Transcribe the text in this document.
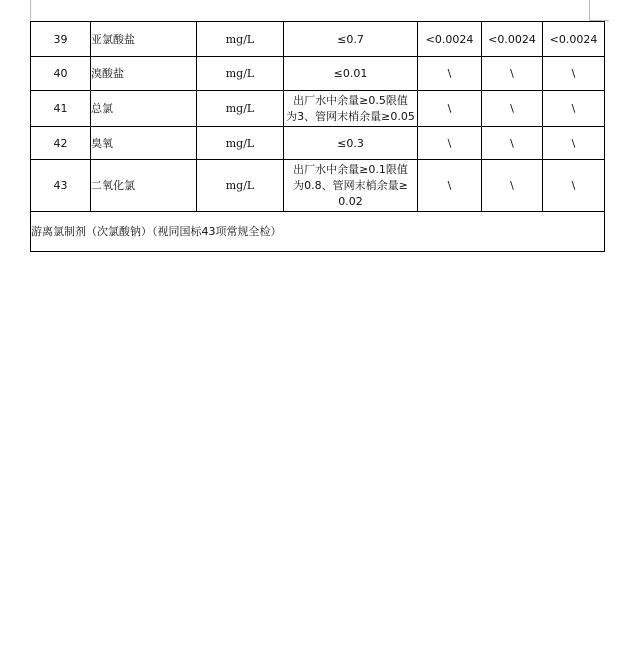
39	亚氯酸盐	mg/L	≤0.7	<0.0024	<0.0024	<0.0024
40	溴酸盐	mg/L	≤0.01	\	\	\
41	总氯	mg/L	出厂水中余量≥0.5限值
为3、管网末梢余量≥0.05	\	\	\
42	臭氧	mg/L	≤0.3	\	\	\
43	二氧化氯	mg/L	出厂水中余量≥0.1限值
为0.8、管网末梢余量≥
0.02	\	\	\
游离氯制剂（次氯酸钠）（视同国标43项常规全检）						
